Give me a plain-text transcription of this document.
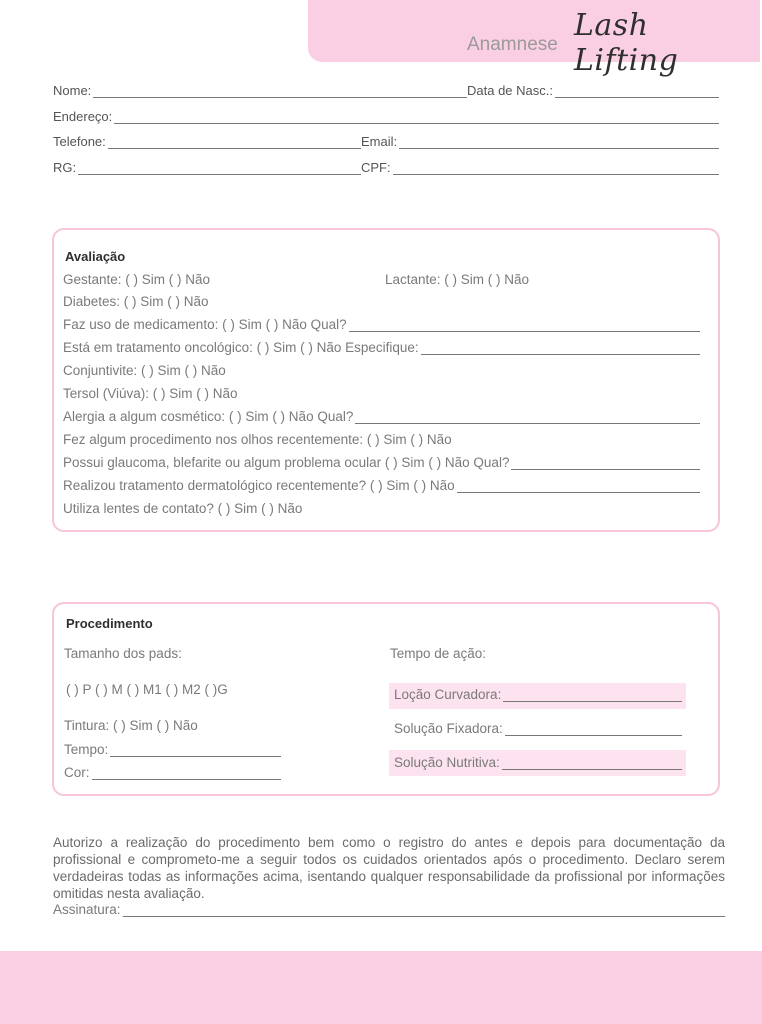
Anamnese
Lash Lifting
Nome:	Data de Nasc.:
Endereço:
Telefone:	Email:
RG:	CPF:
Avaliação
Gestante: ( ) Sim ( ) Não	Lactante: ( ) Sim ( ) Não
Diabetes: ( ) Sim ( ) Não
Faz uso de medicamento: ( ) Sim ( ) Não Qual?
Está em tratamento oncológico: ( ) Sim ( ) Não Especifique:
Conjuntivite: ( ) Sim ( ) Não
Tersol (Viúva): ( ) Sim ( ) Não
Alergia a algum cosmético: ( ) Sim ( ) Não Qual?
Fez algum procedimento nos olhos recentemente: ( ) Sim ( ) Não
Possui glaucoma, blefarite ou algum problema ocular ( ) Sim ( ) Não Qual?
Realizou tratamento dermatológico recentemente? ( ) Sim ( ) Não
Utiliza lentes de contato? ( ) Sim ( ) Não
Procedimento
Tamanho dos pads:
( ) P ( ) M ( ) M1 ( ) M2 ( )G
Tintura: ( ) Sim ( ) Não
Tempo:
Cor:
Tempo de ação:
Loção Curvadora:
Solução Fixadora:
Solução Nutritiva:
Autorizo a realização do procedimento bem como o registro do antes e depois para documentação da profissional e comprometo-me a seguir todos os cuidados orientados após o procedimento. Declaro serem verdadeiras todas as informações acima, isentando qualquer responsabilidade da profissional por informações omitidas nesta avaliação.
Assinatura:
